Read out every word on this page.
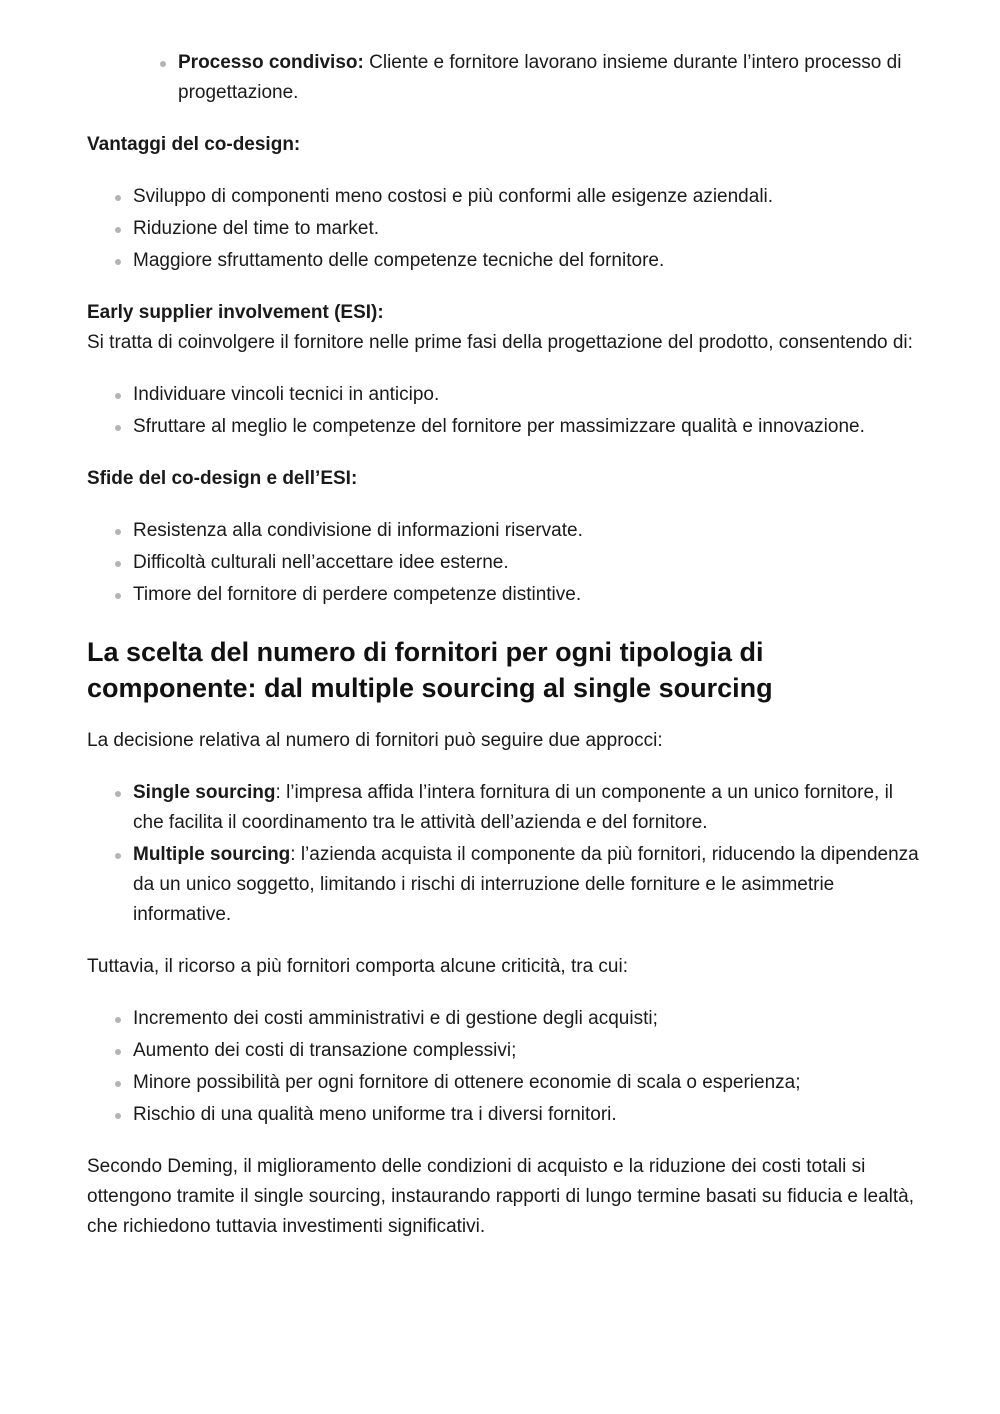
Processo condiviso: Cliente e fornitore lavorano insieme durante l’intero processo di progettazione.

Vantaggi del co-design:

Sviluppo di componenti meno costosi e più conformi alle esigenze aziendali.
Riduzione del time to market.
Maggiore sfruttamento delle competenze tecniche del fornitore.

Early supplier involvement (ESI):

Si tratta di coinvolgere il fornitore nelle prime fasi della progettazione del prodotto, consentendo di:

Individuare vincoli tecnici in anticipo.
Sfruttare al meglio le competenze del fornitore per massimizzare qualità e innovazione.

Sfide del co-design e dell’ESI:

Resistenza alla condivisione di informazioni riservate.
Difficoltà culturali nell’accettare idee esterne.
Timore del fornitore di perdere competenze distintive.
La scelta del numero di fornitori per ogni tipologia di componente: dal multiple sourcing al single sourcing

La decisione relativa al numero di fornitori può seguire due approcci:

Single sourcing: l’impresa affida l’intera fornitura di un componente a un unico fornitore, il che facilita il coordinamento tra le attività dell’azienda e del fornitore.
Multiple sourcing: l’azienda acquista il componente da più fornitori, riducendo la dipendenza da un unico soggetto, limitando i rischi di interruzione delle forniture e le asimmetrie informative.

Tuttavia, il ricorso a più fornitori comporta alcune criticità, tra cui:

Incremento dei costi amministrativi e di gestione degli acquisti;
Aumento dei costi di transazione complessivi;
Minore possibilità per ogni fornitore di ottenere economie di scala o esperienza;
Rischio di una qualità meno uniforme tra i diversi fornitori.

Secondo Deming, il miglioramento delle condizioni di acquisto e la riduzione dei costi totali si ottengono tramite il single sourcing, instaurando rapporti di lungo termine basati su fiducia e lealtà, che richiedono tuttavia investimenti significativi.
